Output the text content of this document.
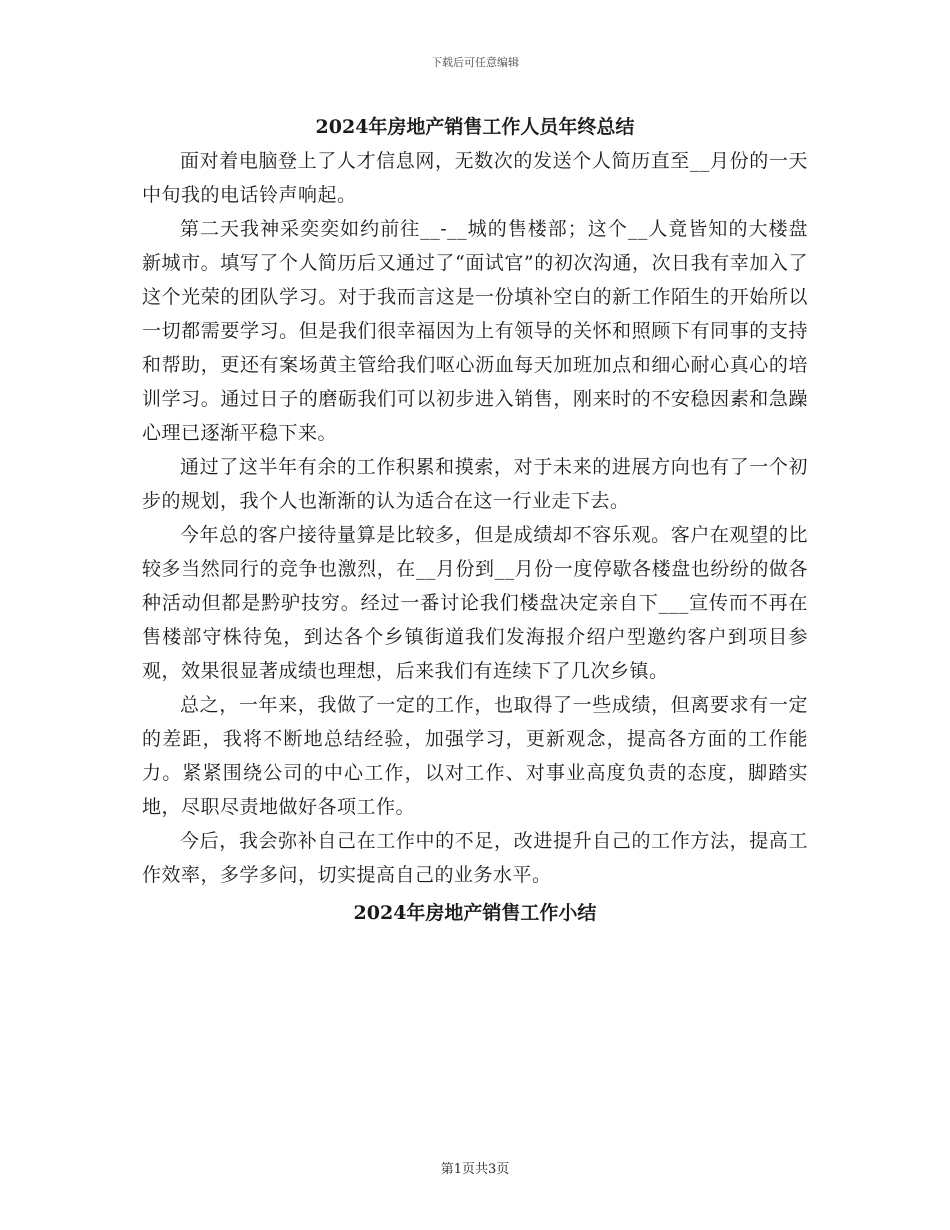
下载后可任意编辑
2024年房地产销售工作人员年终总结

面对着电脑登上了人才信息网，无数次的发送个人简历直至__月份的一天中旬我的电话铃声响起。

第二天我神采奕奕如约前往__-__城的售楼部；这个__人竟皆知的大楼盘新城市。填写了个人简历后又通过了“面试官”的初次沟通，次日我有幸加入了这个光荣的团队学习。对于我而言这是一份填补空白的新工作陌生的开始所以一切都需要学习。但是我们很幸福因为上有领导的关怀和照顾下有同事的支持和帮助，更还有案场黄主管给我们呕心沥血每天加班加点和细心耐心真心的培训学习。通过日子的磨砺我们可以初步进入销售，刚来时的不安稳因素和急躁心理已逐渐平稳下来。

通过了这半年有余的工作积累和摸索，对于未来的进展方向也有了一个初步的规划，我个人也渐渐的认为适合在这一行业走下去。

今年总的客户接待量算是比较多，但是成绩却不容乐观。客户在观望的比较多当然同行的竞争也激烈，在__月份到__月份一度停歇各楼盘也纷纷的做各种活动但都是黔驴技穷。经过一番讨论我们楼盘决定亲自下___宣传而不再在售楼部守株待兔，到达各个乡镇街道我们发海报介绍户型邀约客户到项目参观，效果很显著成绩也理想，后来我们有连续下了几次乡镇。

总之，一年来，我做了一定的工作，也取得了一些成绩，但离要求有一定的差距，我将不断地总结经验，加强学习，更新观念，提高各方面的工作能力。紧紧围绕公司的中心工作，以对工作、对事业高度负责的态度，脚踏实地，尽职尽责地做好各项工作。

今后，我会弥补自己在工作中的不足，改进提升自己的工作方法，提高工作效率，多学多问，切实提高自己的业务水平。

2024年房地产销售工作小结
第1页共3页
